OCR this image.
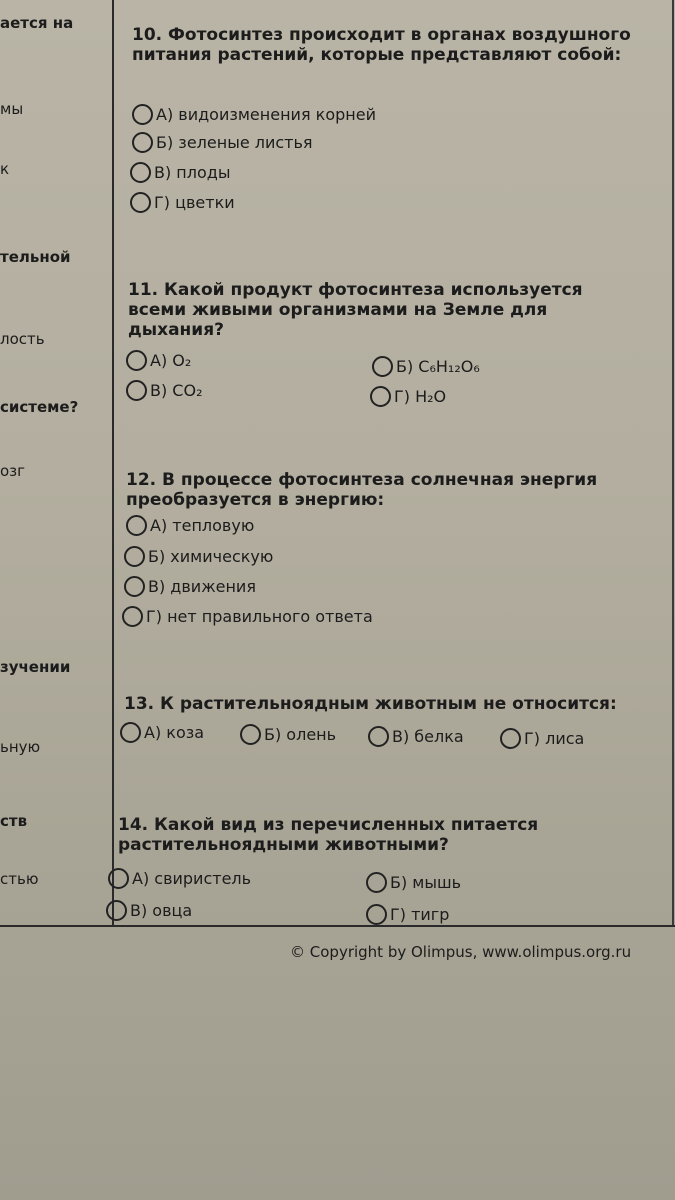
ается на
мы
к
тельной
лость
системе?
озг
зучении
ьную
ств
стью

10. Фотосинтез происходит в органах воздушного питания растений, которые представляют собой:
А) видоизменения корней
Б) зеленые листья
В) плоды
Г) цветки
11. Какой продукт фотосинтеза используется всеми живыми организмами на Земле для дыхания?
А) O₂	Б) C₆H₁₂O₆
В) CO₂	Г) H₂O
12. В процессе фотосинтеза солнечная энергия преобразуется в энергию:
А) тепловую
Б) химическую
В) движения
Г) нет правильного ответа
13. К растительноядным животным не относится:
А) коза	Б) олень	В) белка	Г) лиса
14. Какой вид из перечисленных питается растительноядными животными?
А) свиристель	Б) мышь
В) овца	Г) тигр
© Copyright by Olimpus, www.olimpus.org.ru
